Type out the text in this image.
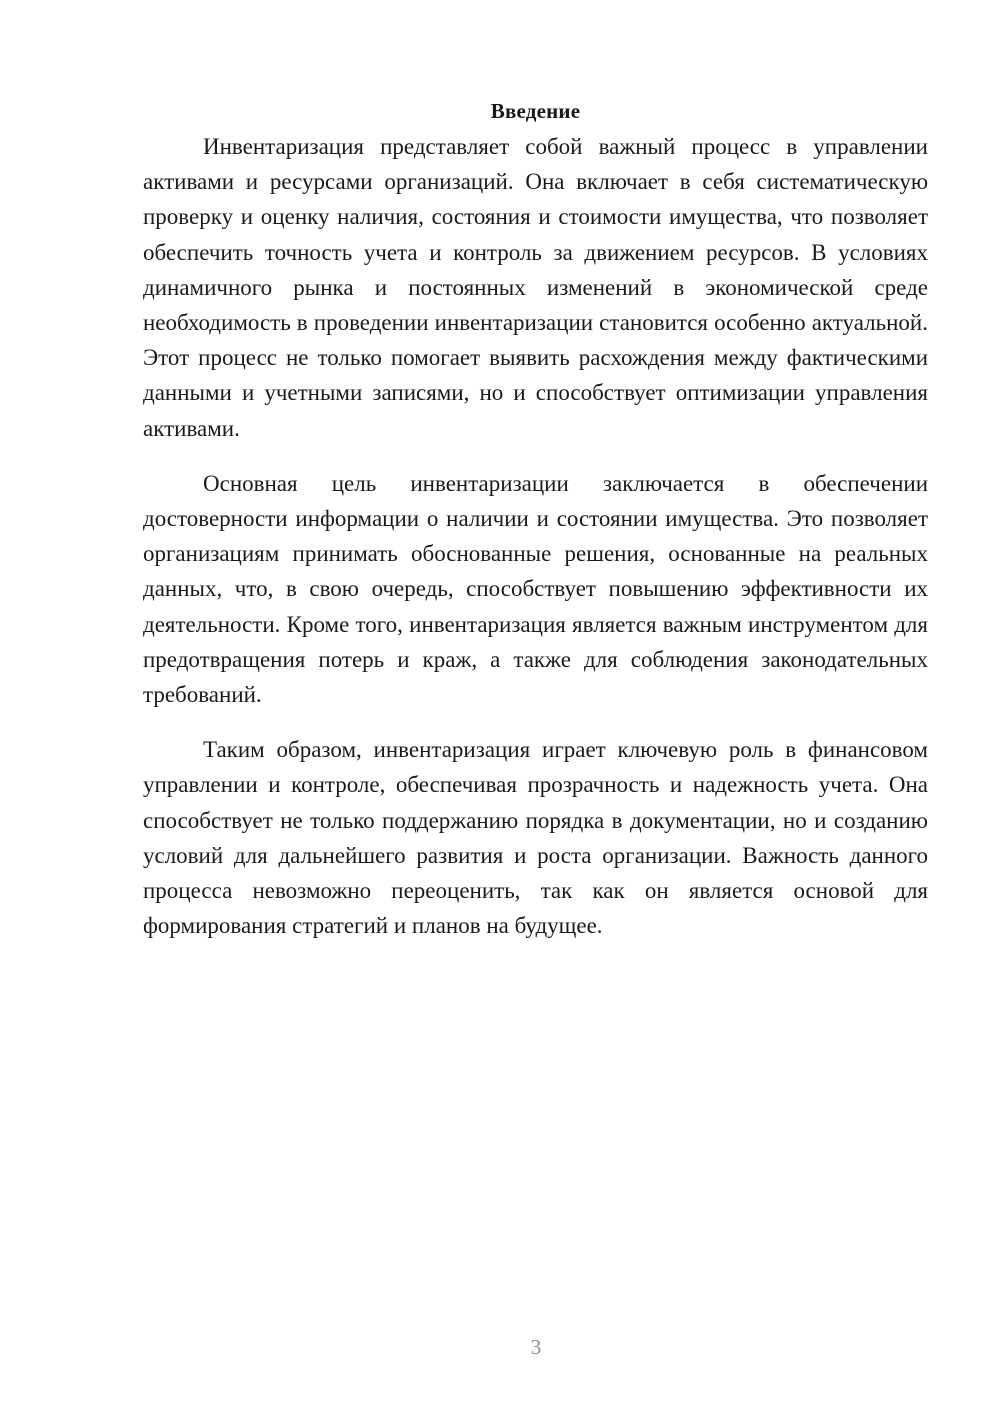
Введение

Инвентаризация представляет собой важный процесс в управлении активами и ресурсами организаций. Она включает в себя систематическую проверку и оценку наличия, состояния и стоимости имущества, что позволяет обеспечить точность учета и контроль за движением ресурсов. В условиях динамичного рынка и постоянных изменений в экономической среде необходимость в проведении инвентаризации становится особенно актуальной. Этот процесс не только помогает выявить расхождения между фактическими данными и учетными записями, но и способствует оптимизации управления активами.

Основная цель инвентаризации заключается в обеспечении достоверности информации о наличии и состоянии имущества. Это позволяет организациям принимать обоснованные решения, основанные на реальных данных, что, в свою очередь, способствует повышению эффективности их деятельности. Кроме того, инвентаризация является важным инструментом для предотвращения потерь и краж, а также для соблюдения законодательных требований.

Таким образом, инвентаризация играет ключевую роль в финансовом управлении и контроле, обеспечивая прозрачность и надежность учета. Она способствует не только поддержанию порядка в документации, но и созданию условий для дальнейшего развития и роста организации. Важность данного процесса невозможно переоценить, так как он является основой для формирования стратегий и планов на будущее.

3
